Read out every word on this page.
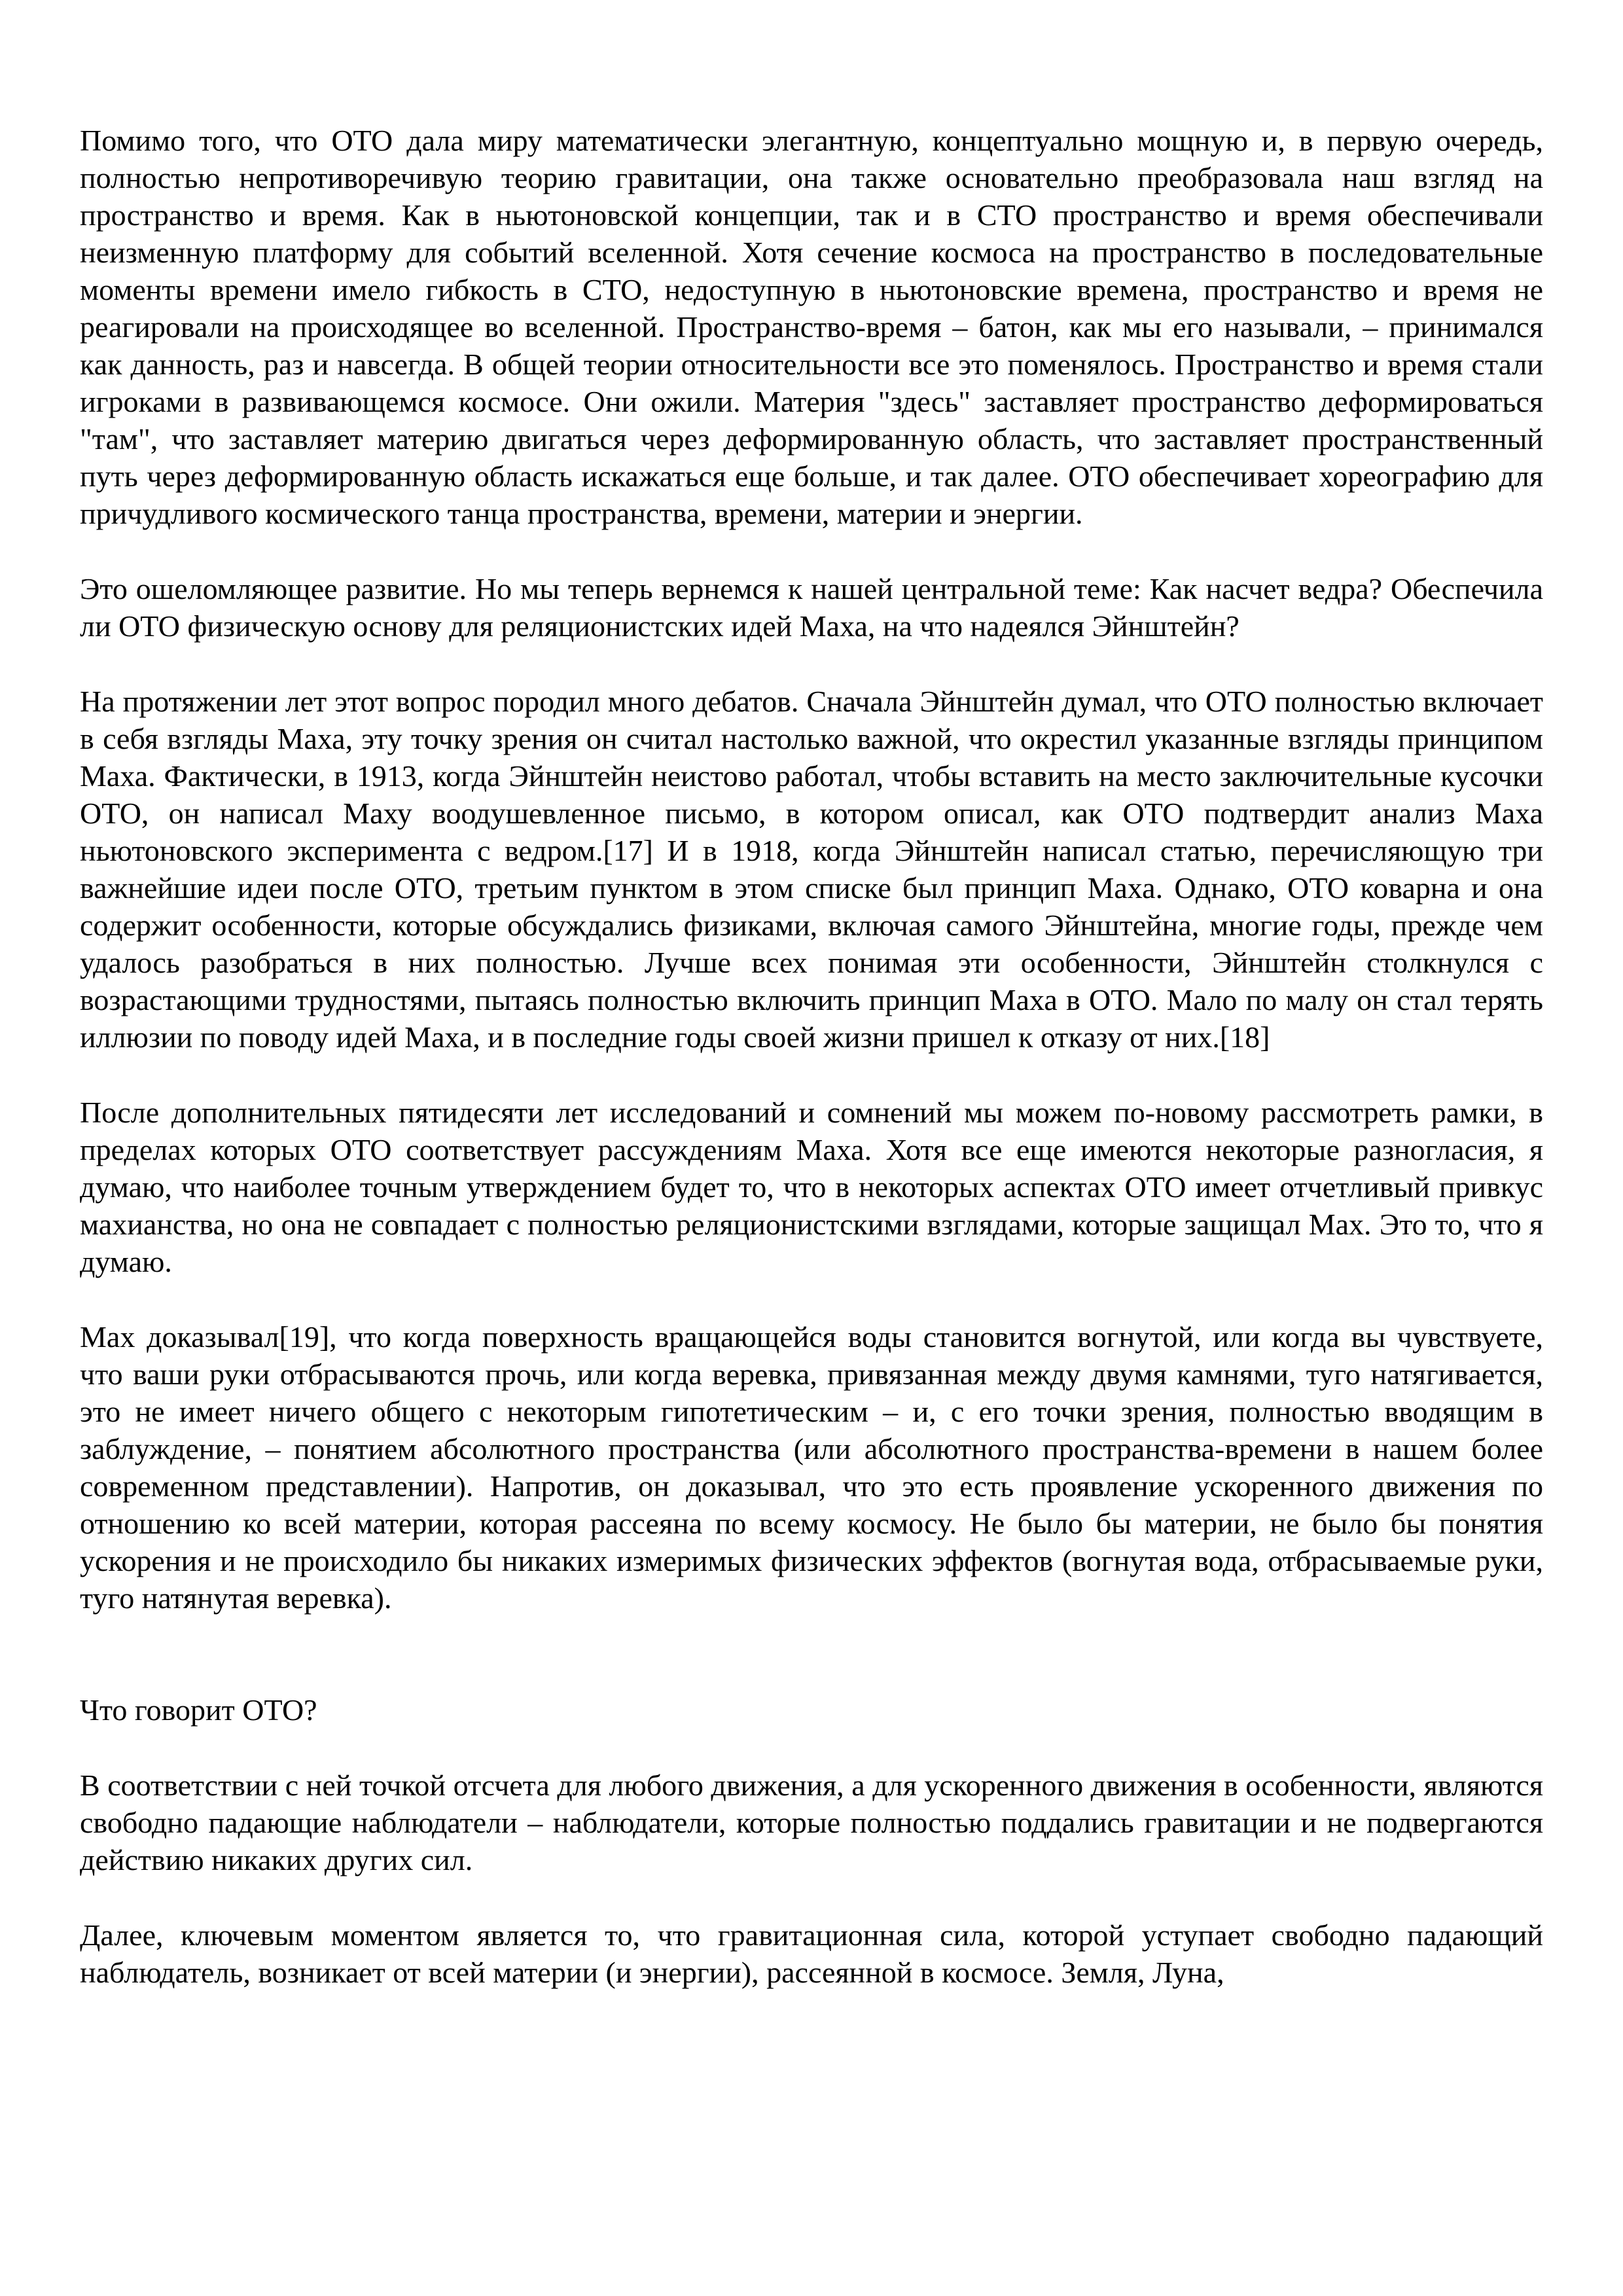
Помимо того, что ОТО дала миру математически элегантную, концептуально мощную и, в первую очередь, полностью непротиворечивую теорию гравитации, она также основательно преобразовала наш взгляд на пространство и время. Как в ньютоновской концепции, так и в СТО пространство и время обеспечивали неизменную платформу для событий вселенной. Хотя сечение космоса на пространство в последовательные моменты времени имело гибкость в СТО, недоступную в ньютоновские времена, пространство и время не реагировали на происходящее во вселенной. Пространство-время – батон, как мы его называли, – принимался как данность, раз и навсегда. В общей теории относительности все это поменялось. Пространство и время стали игроками в развивающемся космосе. Они ожили. Материя "здесь" заставляет пространство деформироваться "там", что заставляет материю двигаться через деформированную область, что заставляет пространственный путь через деформированную область искажаться еще больше, и так далее. ОТО обеспечивает хореографию для причудливого космического танца пространства, времени, материи и энергии.

Это ошеломляющее развитие. Но мы теперь вернемся к нашей центральной теме: Как насчет ведра? Обеспечила ли ОТО физическую основу для реляционистских идей Маха, на что надеялся Эйнштейн?

На протяжении лет этот вопрос породил много дебатов. Сначала Эйнштейн думал, что ОТО полностью включает в себя взгляды Маха, эту точку зрения он считал настолько важной, что окрестил указанные взгляды принципом Маха. Фактически, в 1913, когда Эйнштейн неистово работал, чтобы вставить на место заключительные кусочки ОТО, он написал Маху воодушевленное письмо, в котором описал, как ОТО подтвердит анализ Маха ньютоновского эксперимента с ведром.[17] И в 1918, когда Эйнштейн написал статью, перечисляющую три важнейшие идеи после ОТО, третьим пунктом в этом списке был принцип Маха. Однако, ОТО коварна и она содержит особенности, которые обсуждались физиками, включая самого Эйнштейна, многие годы, прежде чем удалось разобраться в них полностью. Лучше всех понимая эти особенности, Эйнштейн столкнулся с возрастающими трудностями, пытаясь полностью включить принцип Маха в ОТО. Мало по малу он стал терять иллюзии по поводу идей Маха, и в последние годы своей жизни пришел к отказу от них.[18]

После дополнительных пятидесяти лет исследований и сомнений мы можем по-новому рассмотреть рамки, в пределах которых ОТО соответствует рассуждениям Маха. Хотя все еще имеются некоторые разногласия, я думаю, что наиболее точным утверждением будет то, что в некоторых аспектах ОТО имеет отчетливый привкус махианства, но она не совпадает с полностью реляционистскими взглядами, которые защищал Мах. Это то, что я думаю.

Мах доказывал[19], что когда поверхность вращающейся воды становится вогнутой, или когда вы чувствуете, что ваши руки отбрасываются прочь, или когда веревка, привязанная между двумя камнями, туго натягивается, это не имеет ничего общего с некоторым гипотетическим – и, с его точки зрения, полностью вводящим в заблуждение, – понятием абсолютного пространства (или абсолютного пространства-времени в нашем более современном представлении). Напротив, он доказывал, что это есть проявление ускоренного движения по отношению ко всей материи, которая рассеяна по всему космосу. Не было бы материи, не было бы понятия ускорения и не происходило бы никаких измеримых физических эффектов (вогнутая вода, отбрасываемые руки, туго натянутая веревка).

Что говорит ОТО?

В соответствии с ней точкой отсчета для любого движения, а для ускоренного движения в особенности, являются свободно падающие наблюдатели – наблюдатели, которые полностью поддались гравитации и не подвергаются действию никаких других сил.

Далее, ключевым моментом является то, что гравитационная сила, которой уступает свободно падающий наблюдатель, возникает от всей материи (и энергии), рассеянной в космосе. Земля, Луна,
